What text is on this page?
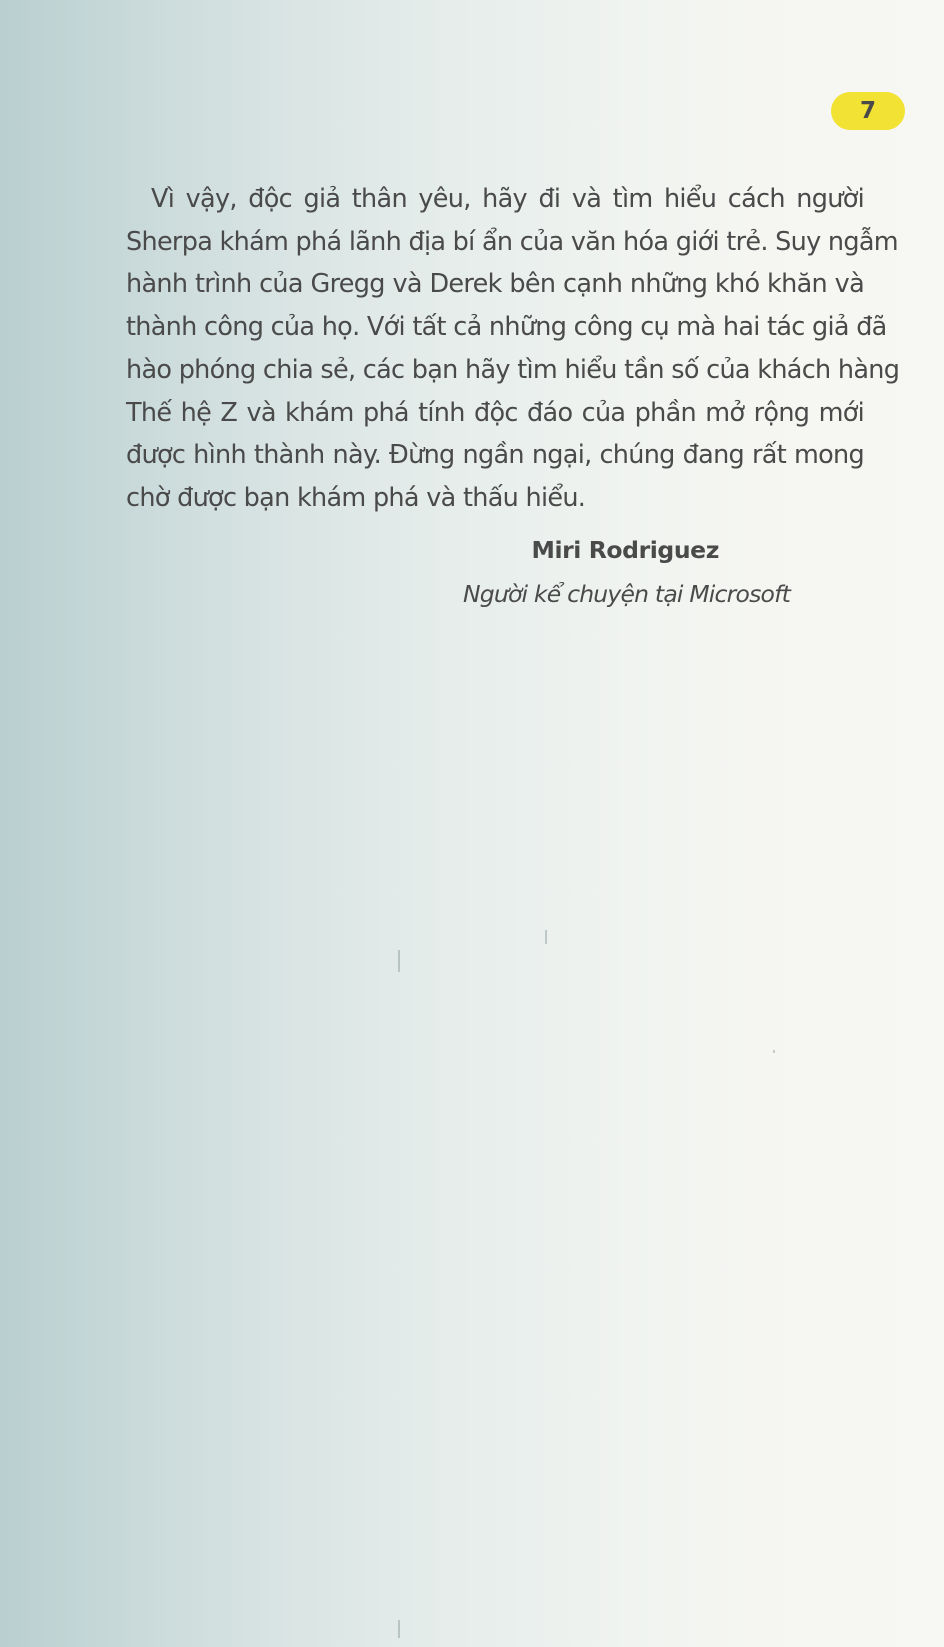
7
Vì vậy, độc giả thân yêu, hãy đi và tìm hiểu cách người
Sherpa khám phá lãnh địa bí ẩn của văn hóa giới trẻ. Suy ngẫm
hành trình của Gregg và Derek bên cạnh những khó khăn và
thành công của họ. Với tất cả những công cụ mà hai tác giả đã
hào phóng chia sẻ, các bạn hãy tìm hiểu tần số của khách hàng
Thế hệ Z và khám phá tính độc đáo của phần mở rộng mới
được hình thành này. Đừng ngần ngại, chúng đang rất mong
chờ được bạn khám phá và thấu hiểu.
Miri Rodriguez
Người kể chuyện tại Microsoft
